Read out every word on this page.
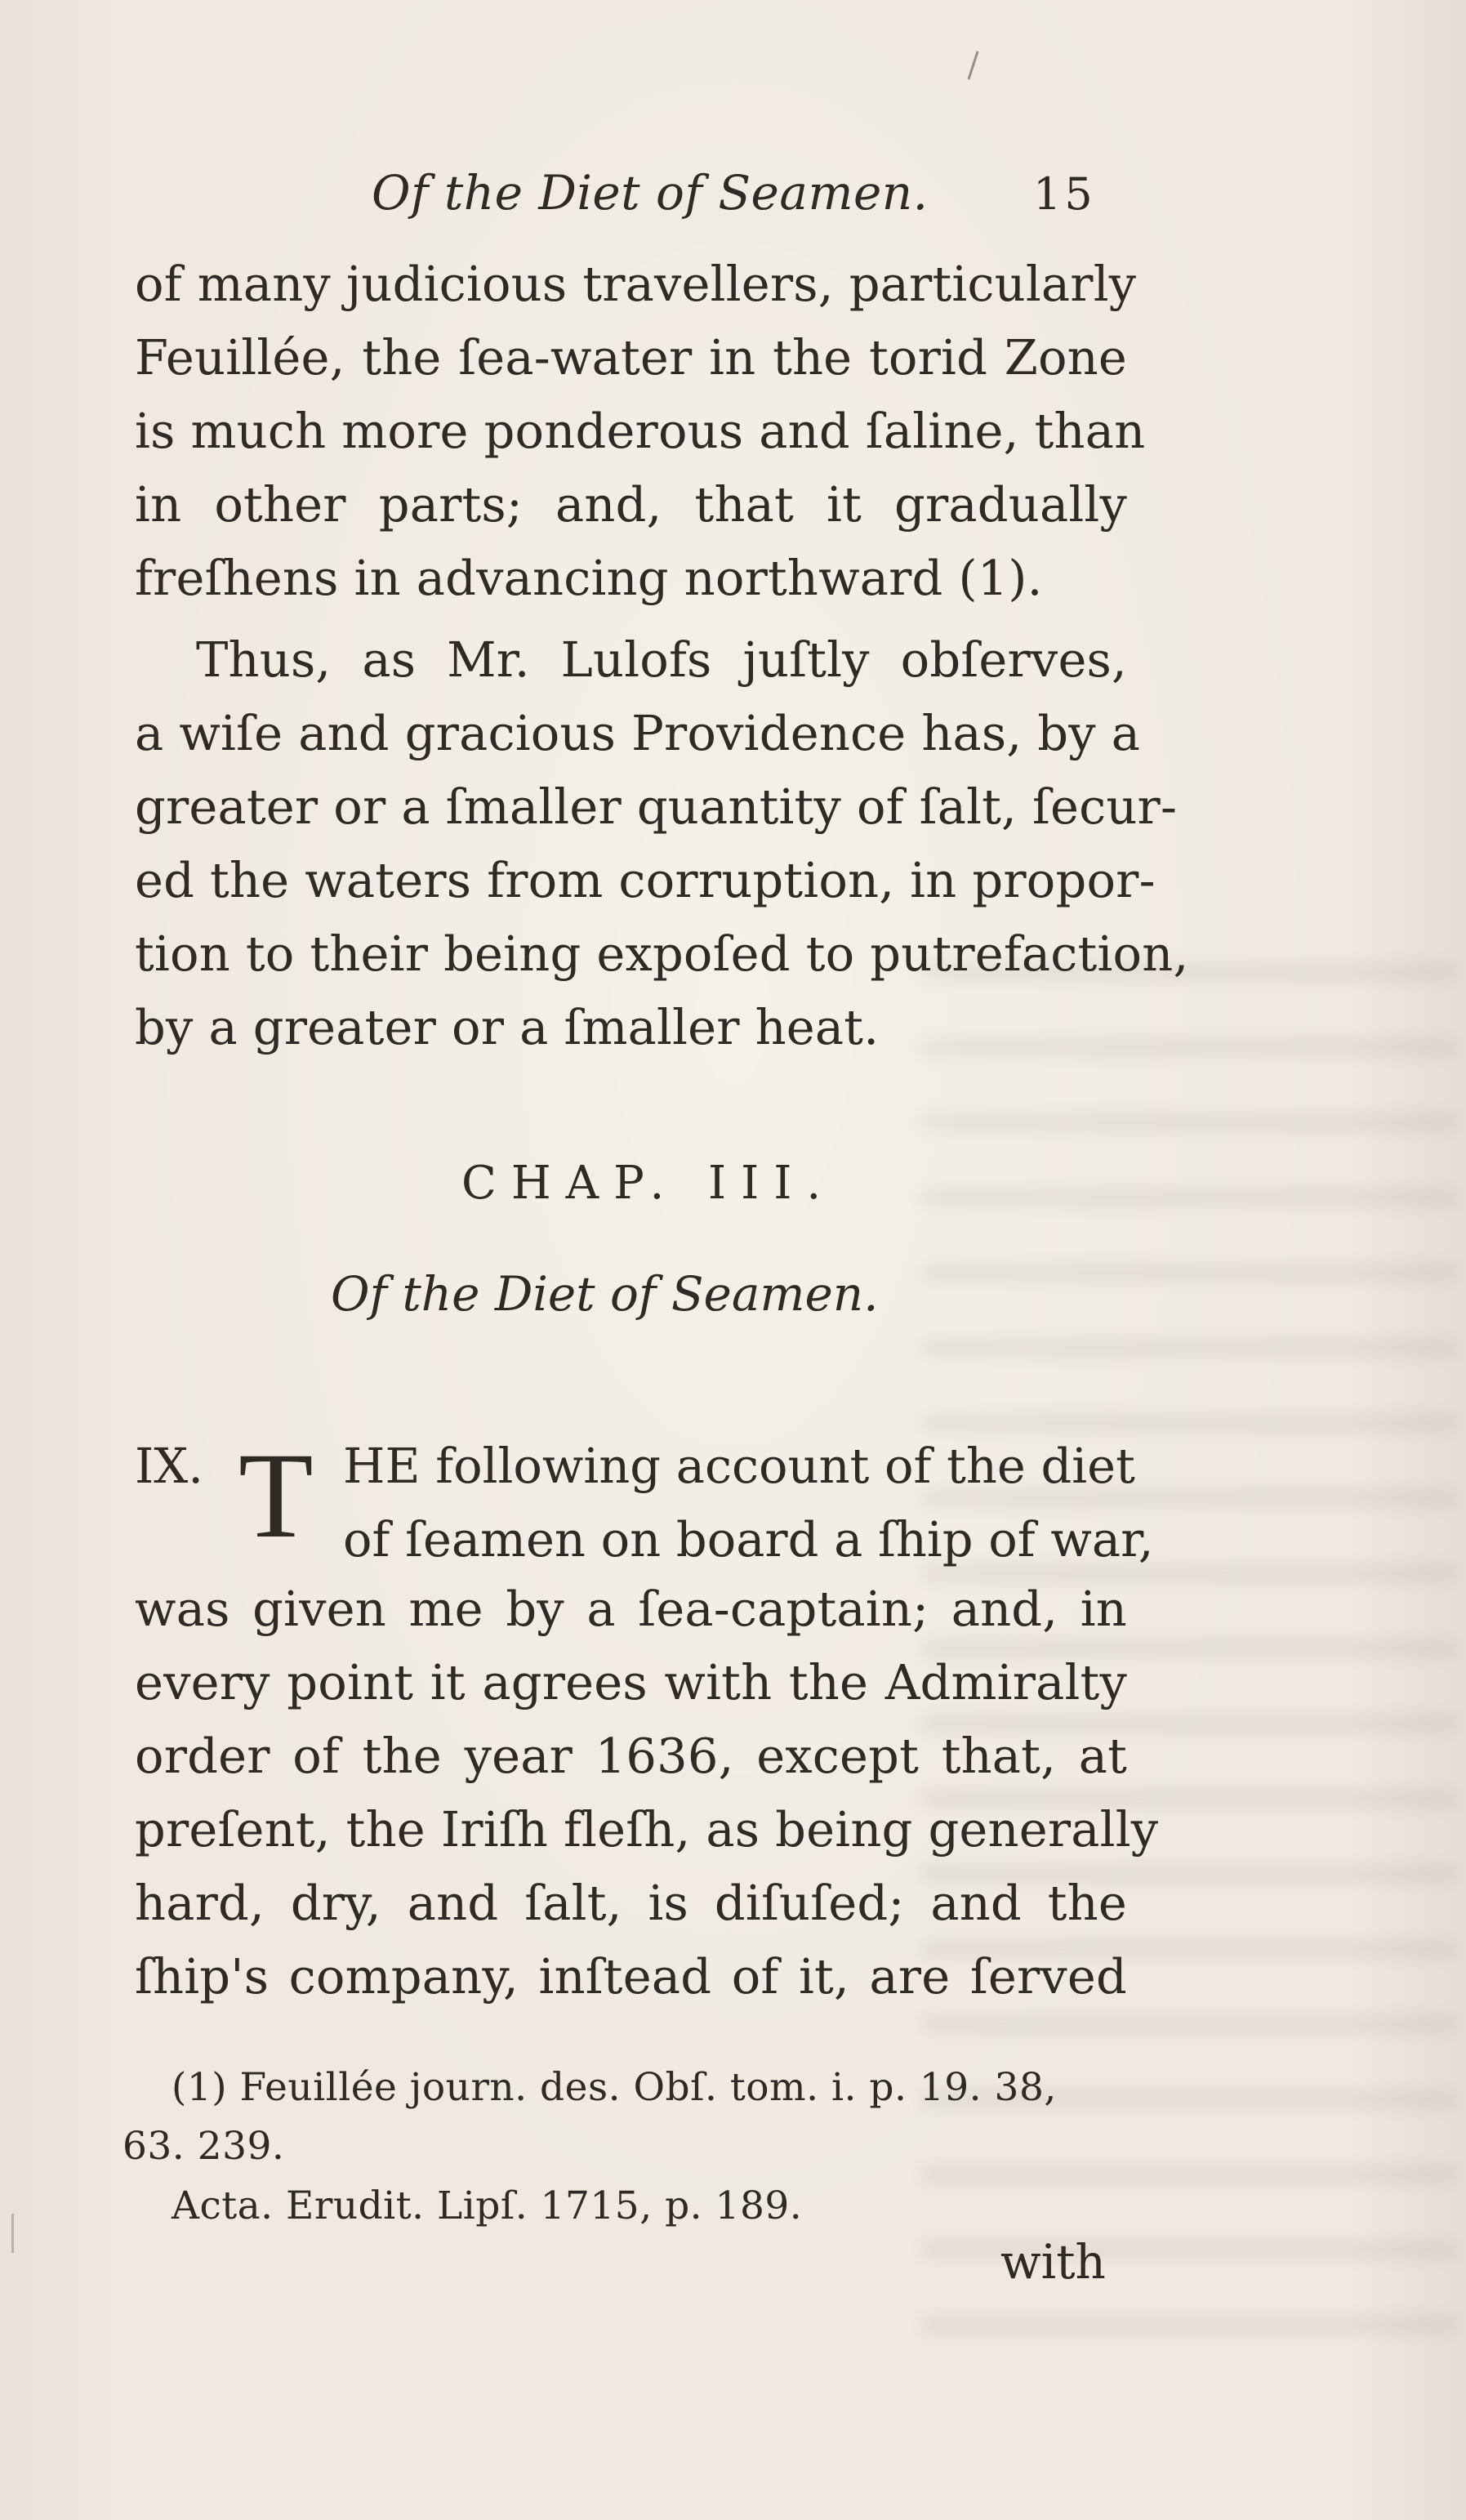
Of the Diet of Seamen. 15
of many judicious travellers, particularly
Feuillée, the ſea-water in the torid Zone
is much more ponderous and ſaline, than
in other parts; and, that it gradually
freſhens in advancing northward (1).
Thus, as Mr. Lulofs juſtly obſerves,
a wiſe and gracious Providence has, by a
greater or a ſmaller quantity of ſalt, ſecur-
ed the waters from corruption, in propor-
tion to their being expoſed to putrefaction,
by a greater or a ſmaller heat.
CHAP. III.
Of the Diet of Seamen.
IX. T HE following account of the diet
of ſeamen on board a ſhip of war,
was given me by a ſea-captain; and, in
every point it agrees with the Admiralty
order of the year 1636, except that, at
preſent, the Iriſh fleſh, as being generally
hard, dry, and ſalt, is diſuſed; and the
ſhip's company, inſtead of it, are ſerved
(1) Feuillée journ. des. Obſ. tom. i. p. 19. 38,
63. 239.
Acta. Erudit. Lipſ. 1715, p. 189.
with
